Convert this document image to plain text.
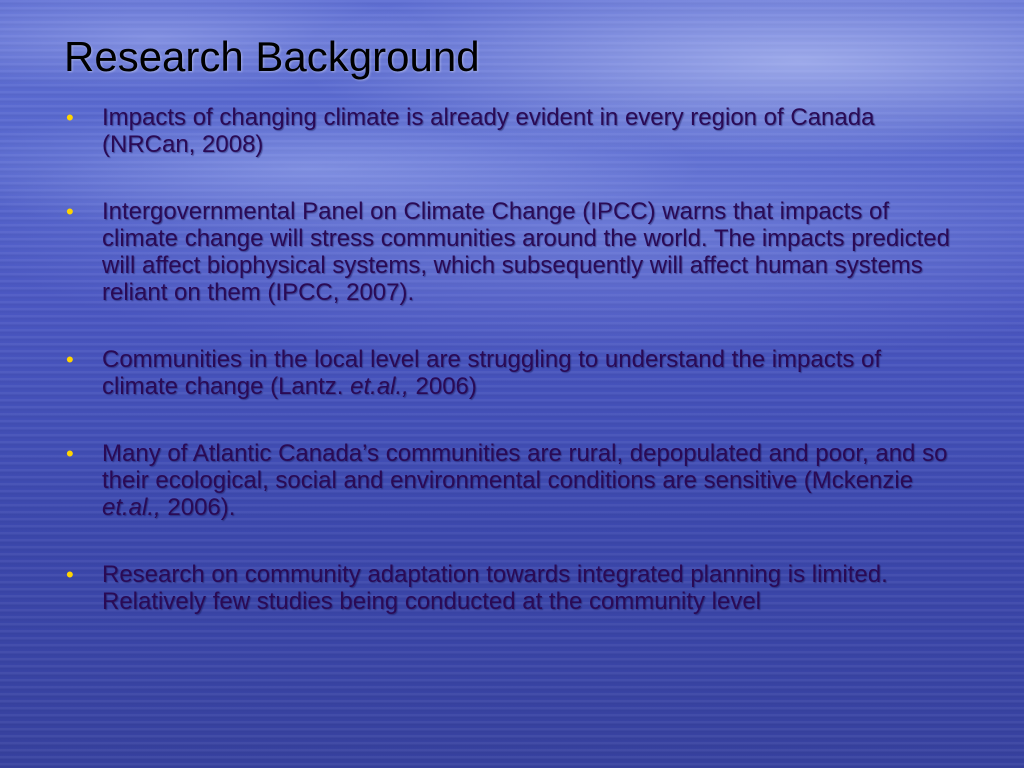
Research Background
• Impacts of changing climate is already evident in every region of Canada (NRCan, 2008)
• Intergovernmental Panel on Climate Change (IPCC) warns that impacts of climate change will stress communities around the world. The impacts predicted will affect biophysical systems, which subsequently will affect human systems reliant on them (IPCC, 2007).
• Communities in the local level are struggling to understand the impacts of climate change (Lantz. et.al., 2006)
• Many of Atlantic Canada’s communities are rural, depopulated and poor, and so their ecological, social and environmental conditions are sensitive (Mckenzie et.al., 2006).
• Research on community adaptation towards integrated planning is limited. Relatively few studies being conducted at the community level
